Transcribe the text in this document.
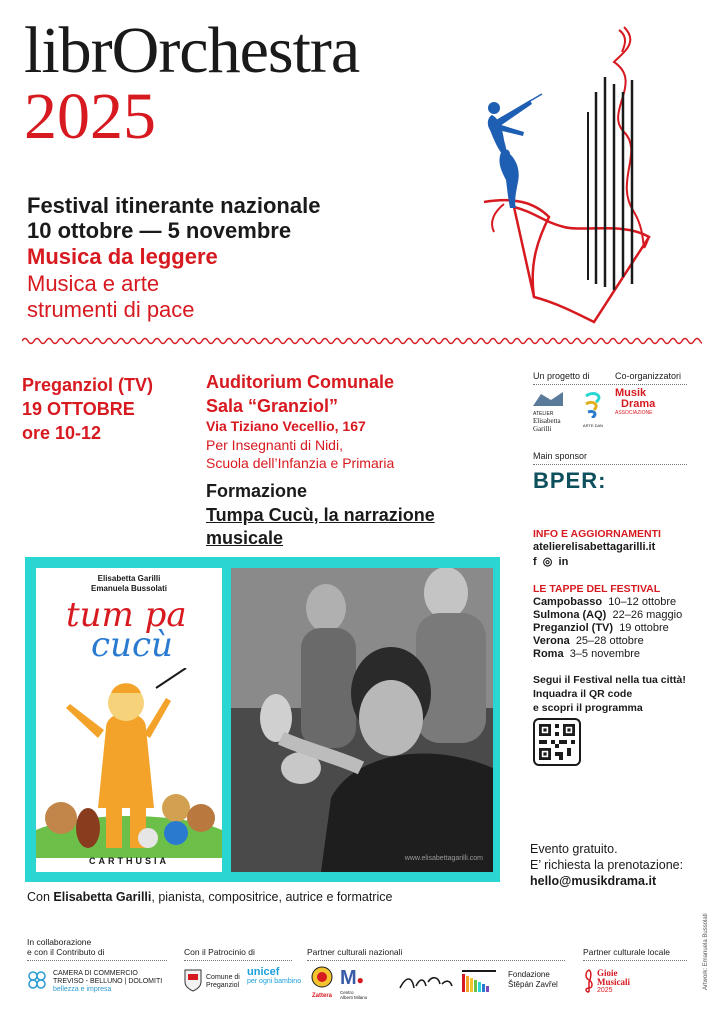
librOrchestra
2025
Festival itinerante nazionale
10 ottobre — 5 novembre
Musica da leggere
Musica e arte
strumenti di pace
Preganziol (TV)
19 OTTOBRE
ore 10-12
Auditorium Comunale
Sala “Granziol”
Via Tiziano Vecellio, 167
Per Insegnanti di Nidi,
Scuola dell’Infanzia e Primaria
Formazione
Tumpa Cucù, la narrazione musicale
Elisabetta Garilli
Emanuela Bussolati
tum pa
cucù
CARTHUSIA	www.elisabettagarilli.com
Con Elisabetta Garilli, pianista, compositrice, autrice e formatrice
Un progetto di	Co-organizzatori
ATELIER
Elisabetta
Garilli	ARTE DAN
Musik
Drama
ASSOCIAZIONE
Main sponsor
BPER:
INFO E AGGIORNAMENTI
atelierelisabettagarilli.it
f ◎ in
LE TAPPE DEL FESTIVAL
Campobasso 10–12 ottobre
Sulmona (AQ) 22–26 maggio
Preganziol (TV) 19 ottobre
Verona 25–28 ottobre
Roma 3–5 novembre
Segui il Festival nella tua città!
Inquadra il QR code
e scopri il programma
Evento gratuito.
E’ richiesta la prenotazione:
hello@musikdrama.it
In collaborazione
e con il Contributo di
CAMERA DI COMMERCIO
TREVISO - BELLUNO | DOLOMITI
bellezza e impresa
Con il Patrocinio di
Comune di
Preganziol
unicef
per ogni bambino
Partner culturali nazionali
Zattera
M●
Centro
Alberti Milano
Fondazione
Štěpán Zavřel
Partner culturale locale
Gioie
Musicali
2025
Artwork: Emanuela Bussolati
